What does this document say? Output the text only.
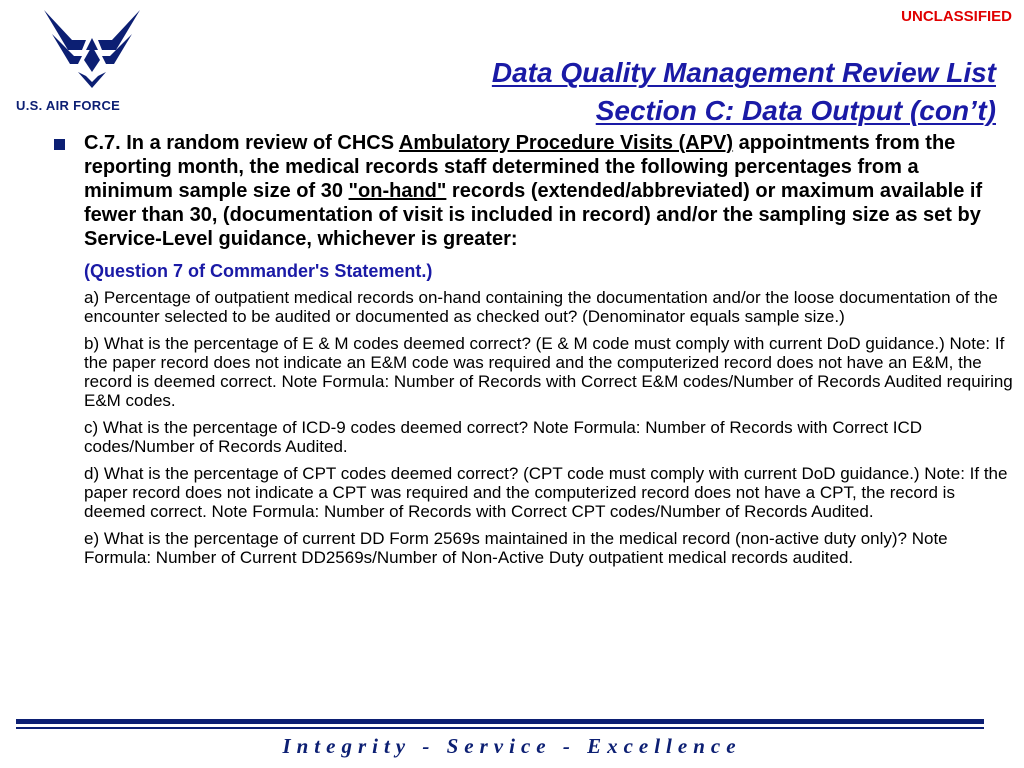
UNCLASSIFIED
U.S. AIR FORCE
Data Quality Management Review List
Section C: Data Output (con’t)
C.7. In a random review of CHCS Ambulatory Procedure Visits (APV) appointments from the reporting month, the medical records staff determined the following percentages from a minimum sample size of 30 "on-hand" records (extended/abbreviated) or maximum available if fewer than 30, (documentation of visit is included in record) and/or the sampling size as set by Service-Level guidance, whichever is greater:
(Question 7 of Commander's Statement.)
a) Percentage of outpatient medical records on-hand containing the documentation and/or the loose documentation of the encounter selected to be audited or documented as checked out? (Denominator equals sample size.)
b) What is the percentage of E & M codes deemed correct? (E & M code must comply with current DoD guidance.) Note: If the paper record does not indicate an E&M code was required and the computerized record does not have an E&M, the record is deemed correct. Note Formula: Number of Records with Correct E&M codes/Number of Records Audited requiring E&M codes.
c) What is the percentage of ICD-9 codes deemed correct? Note Formula: Number of Records with Correct ICD codes/Number of Records Audited.
d) What is the percentage of CPT codes deemed correct? (CPT code must comply with current DoD guidance.) Note: If the paper record does not indicate a CPT was required and the computerized record does not have a CPT, the record is deemed correct. Note Formula: Number of Records with Correct CPT codes/Number of Records Audited.
e) What is the percentage of current DD Form 2569s maintained in the medical record (non-active duty only)? Note Formula: Number of Current DD2569s/Number of Non-Active Duty outpatient medical records audited.
Integrity - Service - Excellence
